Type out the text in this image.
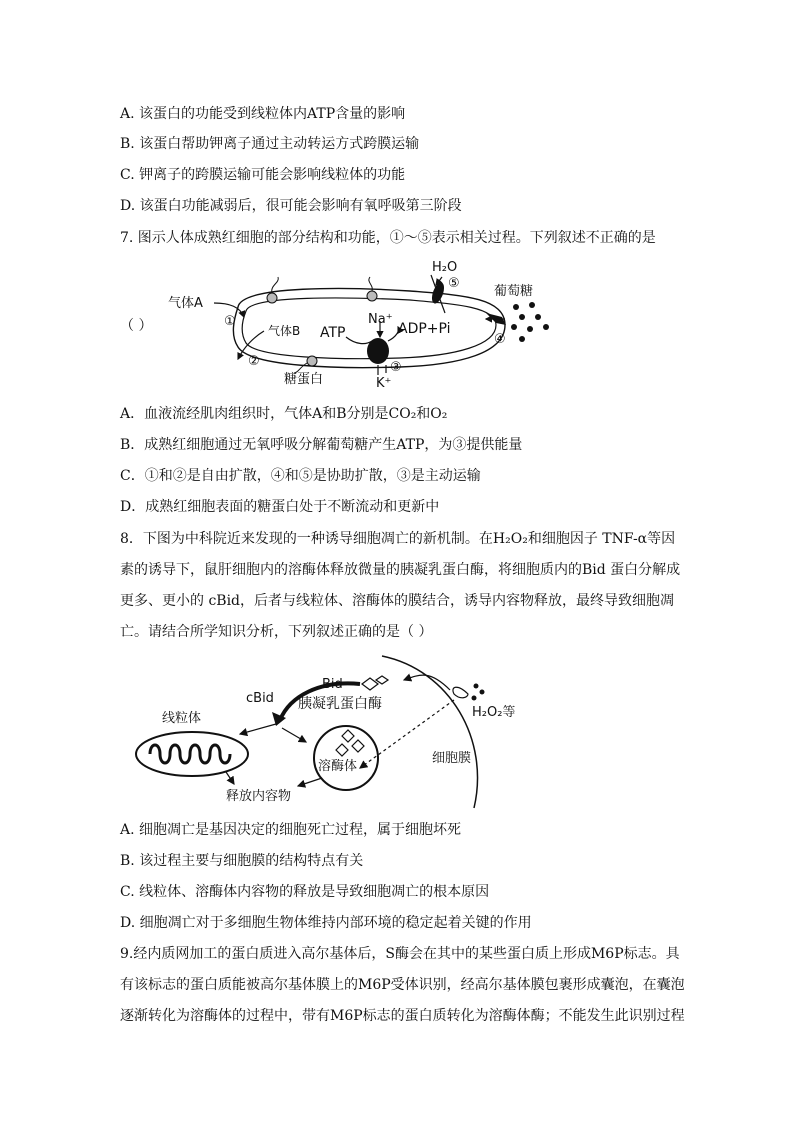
A. 该蛋白的功能受到线粒体内ATP含量的影响
B. 该蛋白帮助钾离子通过主动转运方式跨膜运输
C. 钾离子的跨膜运输可能会影响线粒体的功能
D. 该蛋白功能减弱后，很可能会影响有氧呼吸第三阶段
7. 图示人体成熟红细胞的部分结构和功能，①～⑤表示相关过程。下列叙述不正确的是
（ ）
气体A
气体B ATP	ADP+Pi
Na⁺
K⁺
H₂O
葡萄糖
糖蛋白
①
②	③
④
⑤
A．血液流经肌肉组织时，气体A和B分别是CO₂和O₂
B．成熟红细胞通过无氧呼吸分解葡萄糖产生ATP，为③提供能量
C．①和②是自由扩散，④和⑤是协助扩散，③是主动运输
D．成熟红细胞表面的糖蛋白处于不断流动和更新中
8．下图为中科院近来发现的一种诱导细胞凋亡的新机制。在H₂O₂和细胞因子 TNF-α等因
素的诱导下，鼠肝细胞内的溶酶体释放微量的胰凝乳蛋白酶，将细胞质内的Bid 蛋白分解成
更多、更小的 cBid，后者与线粒体、溶酶体的膜结合，诱导内容物释放，最终导致细胞凋
亡。请结合所学知识分析，下列叙述正确的是（ ）
Bid
cBid 胰凝乳蛋白酶
线粒体
溶酶体
H₂O₂等
细胞膜
释放内容物
A. 细胞凋亡是基因决定的细胞死亡过程，属于细胞坏死
B. 该过程主要与细胞膜的结构特点有关
C. 线粒体、溶酶体内容物的释放是导致细胞凋亡的根本原因
D. 细胞凋亡对于多细胞生物体维持内部环境的稳定起着关键的作用
9.经内质网加工的蛋白质进入高尔基体后，S酶会在其中的某些蛋白质上形成M6P标志。具
有该标志的蛋白质能被高尔基体膜上的M6P受体识别，经高尔基体膜包裹形成囊泡，在囊泡
逐渐转化为溶酶体的过程中，带有M6P标志的蛋白质转化为溶酶体酶；不能发生此识别过程
